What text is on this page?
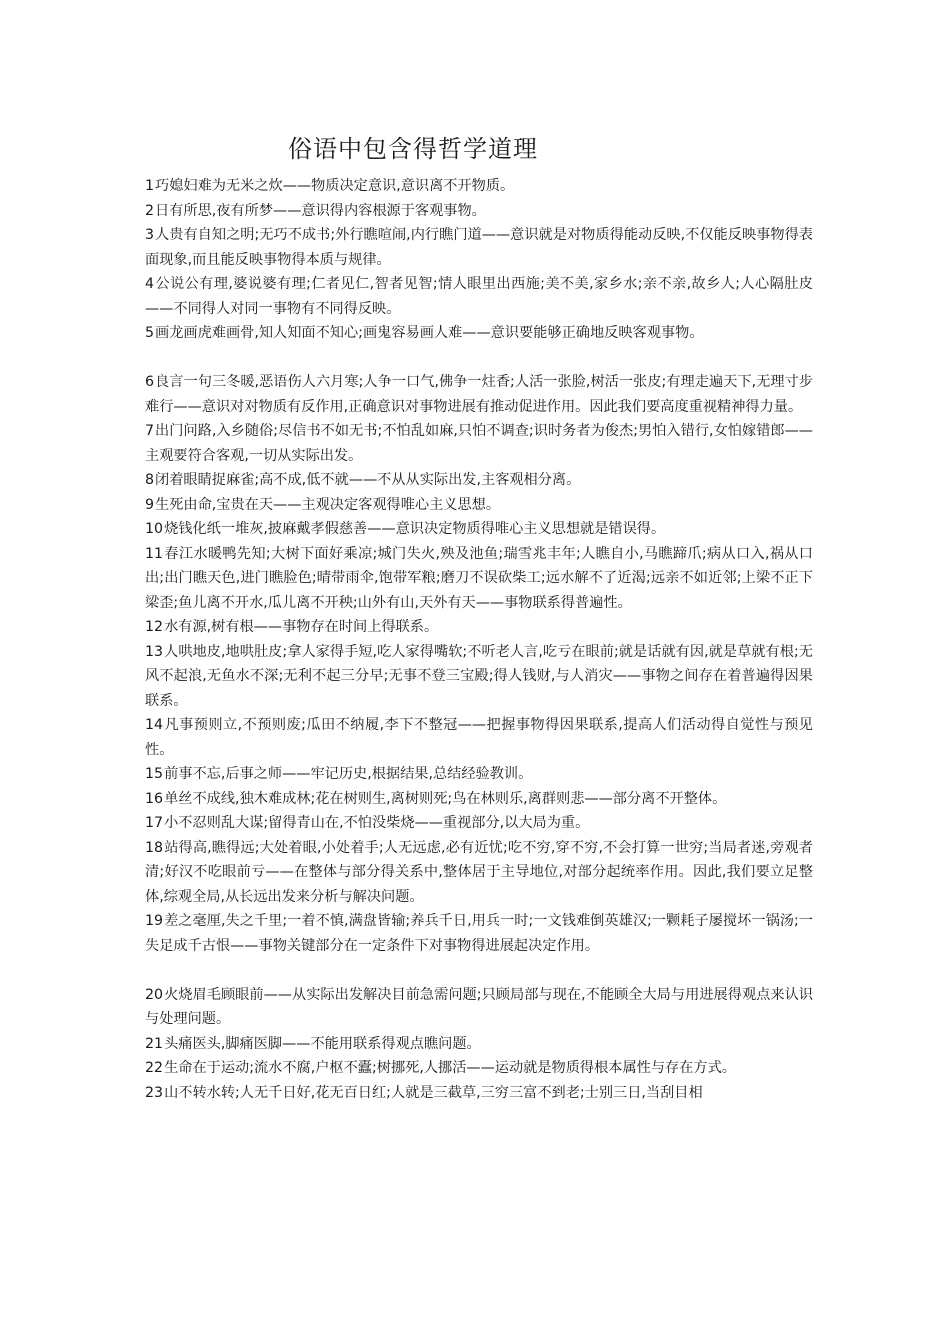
俗语中包含得哲学道理

1巧媳妇难为无米之炊——物质决定意识,意识离不开物质。

2日有所思,夜有所梦——意识得内容根源于客观事物。

3人贵有自知之明;无巧不成书;外行瞧喧闹,内行瞧门道——意识就是对物质得能动反映,不仅能反映事物得表面现象,而且能反映事物得本质与规律。

4公说公有理,婆说婆有理;仁者见仁,智者见智;情人眼里出西施;美不美,家乡水;亲不亲,故乡人;人心隔肚皮——不同得人对同一事物有不同得反映。

5画龙画虎难画骨,知人知面不知心;画鬼容易画人难——意识要能够正确地反映客观事物。

6良言一句三冬暖,恶语伤人六月寒;人争一口气,佛争一炷香;人活一张脸,树活一张皮;有理走遍天下,无理寸步难行——意识对对物质有反作用,正确意识对事物进展有推动促进作用。因此我们要高度重视精神得力量。

7出门问路,入乡随俗;尽信书不如无书;不怕乱如麻,只怕不调查;识时务者为俊杰;男怕入错行,女怕嫁错郎——主观要符合客观,一切从实际出发。

8闭着眼睛捉麻雀;高不成,低不就——不从从实际出发,主客观相分离。

9生死由命,宝贵在天——主观决定客观得唯心主义思想。

10烧钱化纸一堆灰,披麻戴孝假慈善——意识决定物质得唯心主义思想就是错误得。

11春江水暖鸭先知;大树下面好乘凉;城门失火,殃及池鱼;瑞雪兆丰年;人瞧自小,马瞧蹄爪;病从口入,祸从口出;出门瞧天色,进门瞧脸色;晴带雨伞,饱带军粮;磨刀不误砍柴工;远水解不了近渴;远亲不如近邻;上梁不正下梁歪;鱼儿离不开水,瓜儿离不开秧;山外有山,天外有天——事物联系得普遍性。

12水有源,树有根——事物存在时间上得联系。

13人哄地皮,地哄肚皮;拿人家得手短,吃人家得嘴软;不听老人言,吃亏在眼前;就是话就有因,就是草就有根;无风不起浪,无鱼水不深;无利不起三分早;无事不登三宝殿;得人钱财,与人消灾——事物之间存在着普遍得因果联系。

14凡事预则立,不预则废;瓜田不纳履,李下不整冠——把握事物得因果联系,提高人们活动得自觉性与预见性。

15前事不忘,后事之师——牢记历史,根据结果,总结经验教训。

16单丝不成线,独木难成林;花在树则生,离树则死;鸟在林则乐,离群则悲——部分离不开整体。

17小不忍则乱大谋;留得青山在,不怕没柴烧——重视部分,以大局为重。

18站得高,瞧得远;大处着眼,小处着手;人无远虑,必有近忧;吃不穷,穿不穷,不会打算一世穷;当局者迷,旁观者清;好汉不吃眼前亏——在整体与部分得关系中,整体居于主导地位,对部分起统率作用。因此,我们要立足整体,综观全局,从长远出发来分析与解决问题。

19差之毫厘,失之千里;一着不慎,满盘皆输;养兵千日,用兵一时;一文钱难倒英雄汉;一颗耗子屡搅坏一锅汤;一失足成千古恨——事物关键部分在一定条件下对事物得进展起决定作用。

20火烧眉毛顾眼前——从实际出发解决目前急需问题;只顾局部与现在,不能顾全大局与用进展得观点来认识与处理问题。

21头痛医头,脚痛医脚——不能用联系得观点瞧问题。

22生命在于运动;流水不腐,户枢不蠹;树挪死,人挪活——运动就是物质得根本属性与存在方式。

23山不转水转;人无千日好,花无百日红;人就是三截草,三穷三富不到老;士别三日,当刮目相
